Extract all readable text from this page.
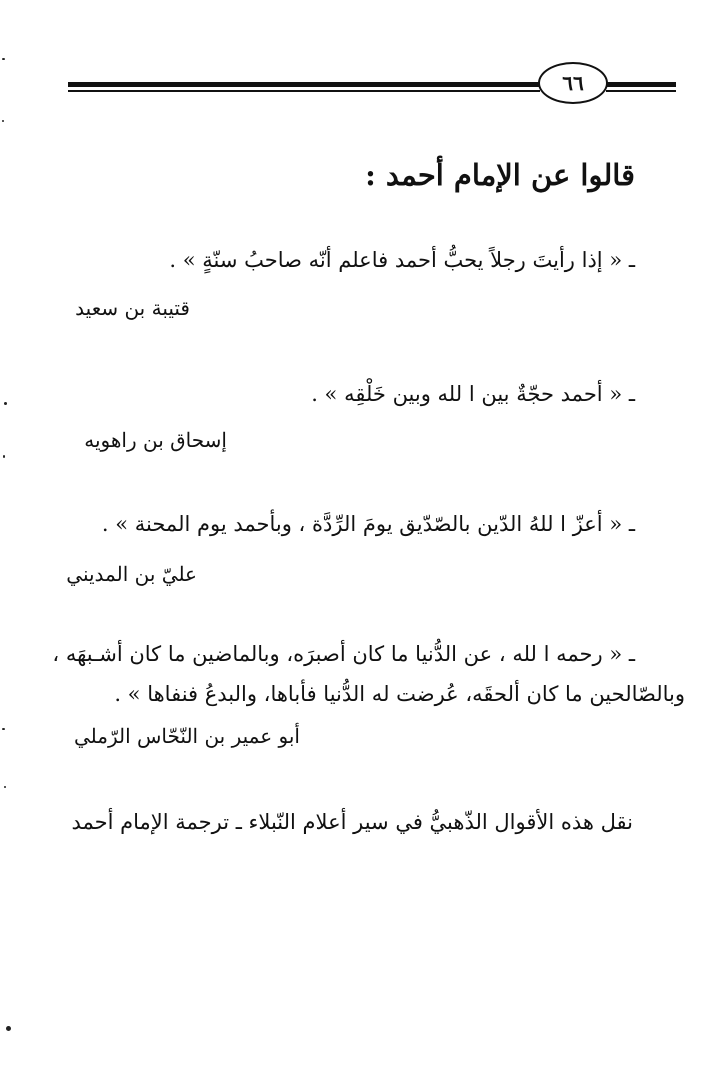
٦٦
قالوا عن الإمام أحمد :
ـ « إذا رأيتَ رجلاً يحبُّ أحمد فاعلم أنّه صاحبُ سنّةٍ » .
قتيبة بن سعيد
ـ « أحمد حجّةٌ بين ا لله وبين خَلْقِه » .
إسحاق بن راهويه
ـ « أعزّ ا للهُ الدّين بالصّدّيق يومَ الرِّدَّة ، وبأحمد يوم المحنة » .
عليّ بن المديني
ـ « رحمه ا لله ، عن الدُّنيا ما كان أصبرَه، وبالماضين ما كان أشـبهَه ،
وبالصّالحين ما كان ألحقَه، عُرضت له الدُّنيا فأباها، والبدعُ فنفاها » .
أبو عمير بن النّحّاس الرّملي
نقل هذه الأقوال الذّهبيُّ في سير أعلام النّبلاء ـ ترجمة الإمام أحمد
